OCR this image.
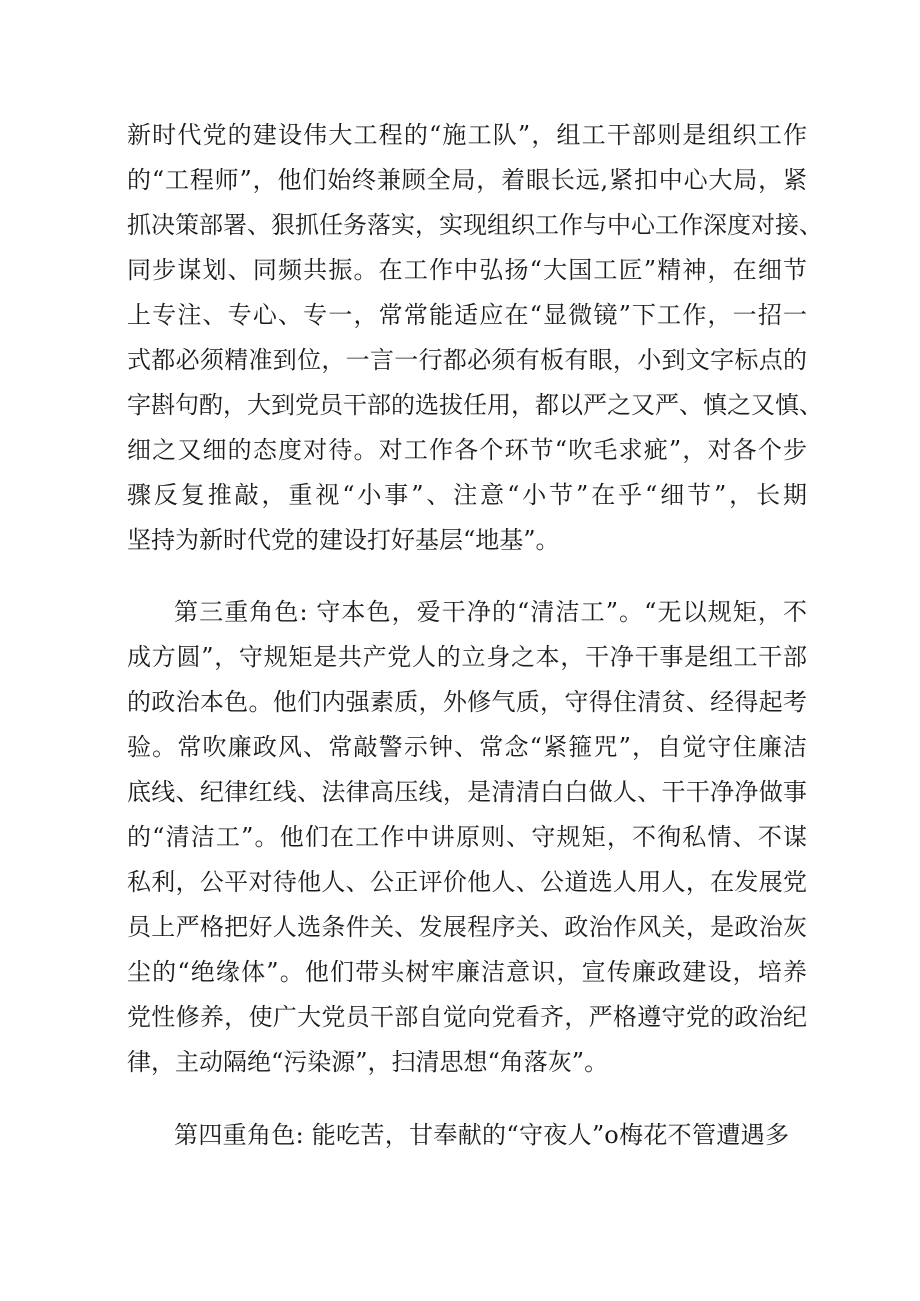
新时代党的建设伟大工程的“施工队”，组工干部则是组织工作
的“工程师”，他们始终兼顾全局，着眼长远,紧扣中心大局，紧
抓决策部署、狠抓任务落实，实现组织工作与中心工作深度对接、
同步谋划、同频共振。在工作中弘扬“大国工匠”精神，在细节
上专注、专心、专一，常常能适应在“显微镜”下工作，一招一
式都必须精准到位，一言一行都必须有板有眼，小到文字标点的
字斟句酌，大到党员干部的选拔任用，都以严之又严、慎之又慎、
细之又细的态度对待。对工作各个环节“吹毛求疵”，对各个步
骤反复推敲，重视“小事”、注意“小节”在乎“细节”，长期
坚持为新时代党的建设打好基层“地基”。
第三重角色: 守本色，爱干净的“清洁工”。“无以规矩，不
成方圆”，守规矩是共产党人的立身之本，干净干事是组工干部
的政治本色。他们内强素质，外修气质，守得住清贫、经得起考
验。常吹廉政风、常敲警示钟、常念“紧箍咒”，自觉守住廉洁
底线、纪律红线、法律高压线，是清清白白做人、干干净净做事
的“清洁工”。他们在工作中讲原则、守规矩，不徇私情、不谋
私利，公平对待他人、公正评价他人、公道选人用人，在发展党
员上严格把好人选条件关、发展程序关、政治作风关，是政治灰
尘的“绝缘体”。他们带头树牢廉洁意识，宣传廉政建设，培养
党性修养，使广大党员干部自觉向党看齐，严格遵守党的政治纪
律，主动隔绝“污染源”，扫清思想“角落灰”。
第四重角色: 能吃苦，甘奉献的“守夜人”o梅花不管遭遇多
